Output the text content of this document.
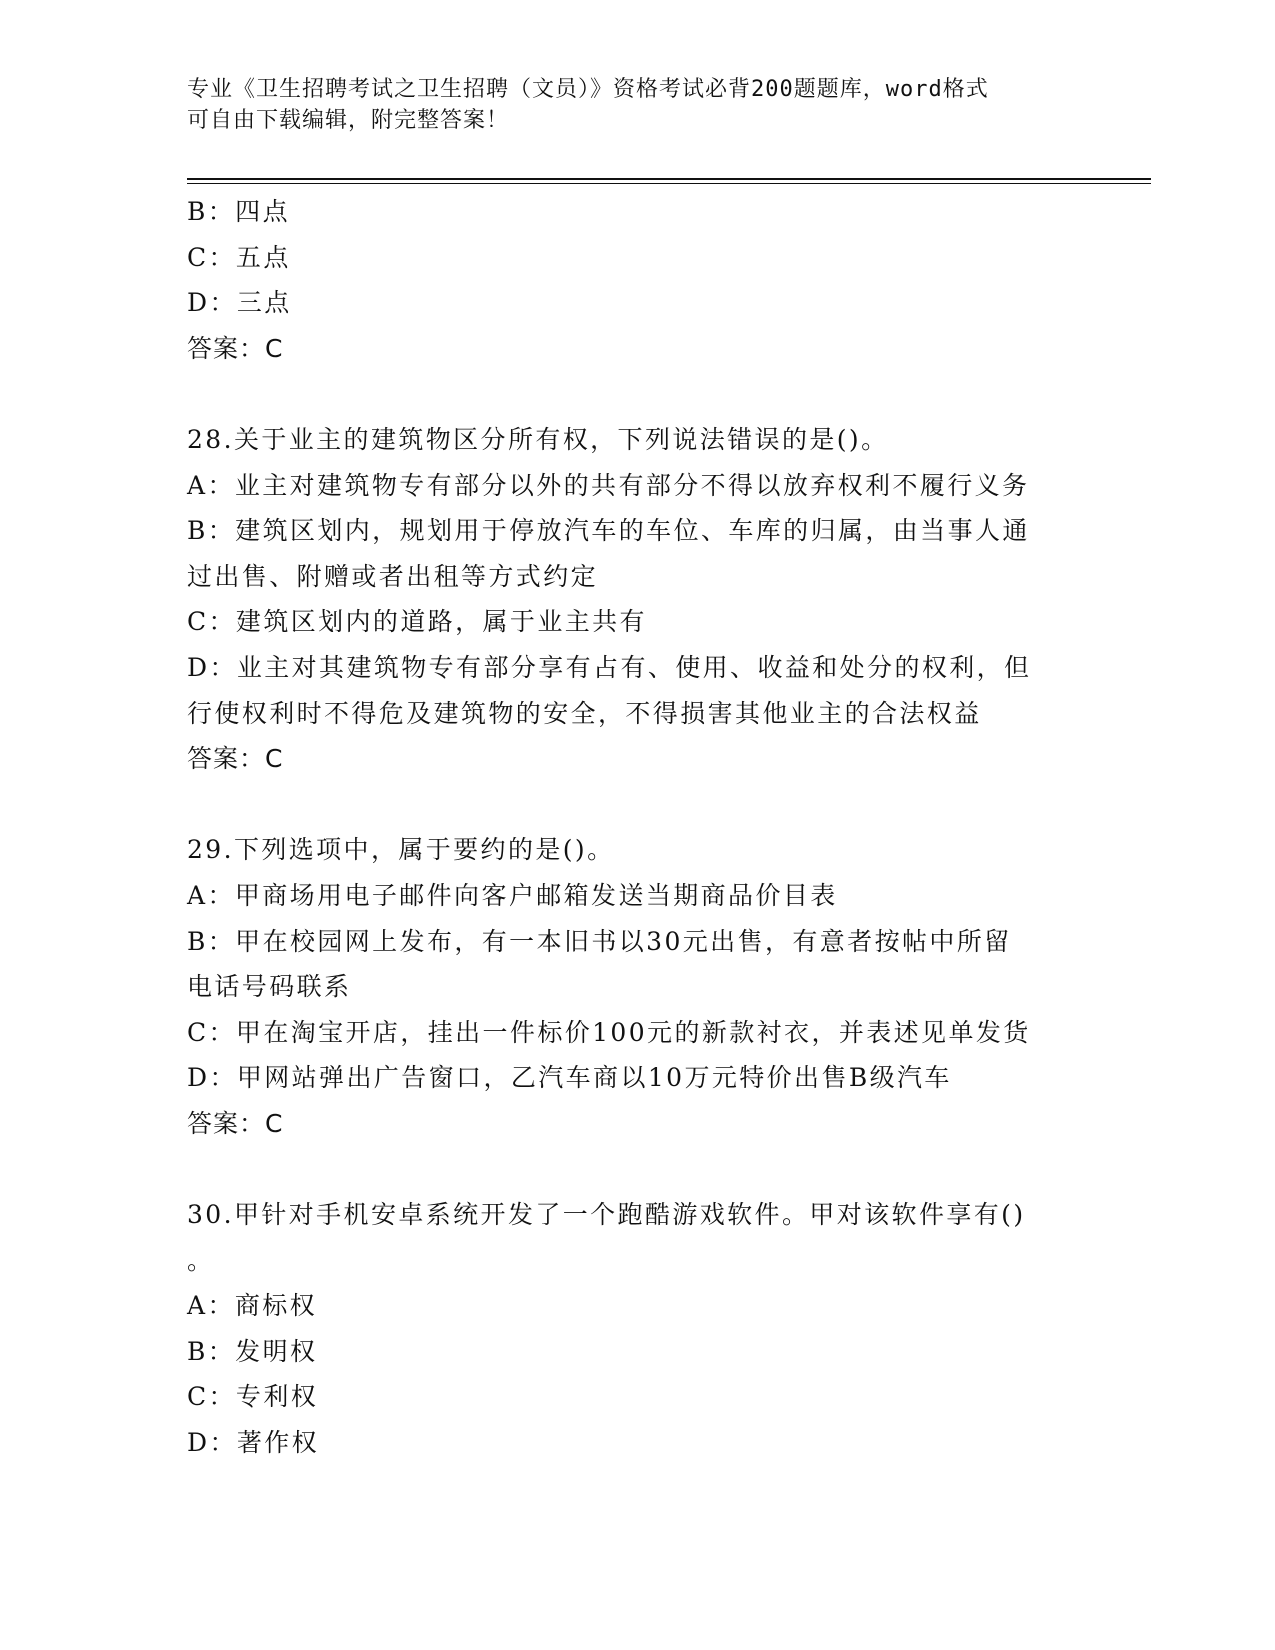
专业《卫生招聘考试之卫生招聘（文员）》资格考试必背200题题库，word格式
可自由下载编辑，附完整答案！
B：四点
C：五点
D：三点
答案：C
28.关于业主的建筑物区分所有权，下列说法错误的是()。
A：业主对建筑物专有部分以外的共有部分不得以放弃权利不履行义务
B：建筑区划内，规划用于停放汽车的车位、车库的归属，由当事人通
过出售、附赠或者出租等方式约定
C：建筑区划内的道路，属于业主共有
D：业主对其建筑物专有部分享有占有、使用、收益和处分的权利，但
行使权利时不得危及建筑物的安全，不得损害其他业主的合法权益
答案：C
29.下列选项中，属于要约的是()。
A：甲商场用电子邮件向客户邮箱发送当期商品价目表
B：甲在校园网上发布，有一本旧书以30元出售，有意者按帖中所留
电话号码联系
C：甲在淘宝开店，挂出一件标价100元的新款衬衣，并表述见单发货
D：甲网站弹出广告窗口，乙汽车商以10万元特价出售B级汽车
答案：C
30.甲针对手机安卓系统开发了一个跑酷游戏软件。甲对该软件享有()
。
A：商标权
B：发明权
C：专利权
D：著作权
